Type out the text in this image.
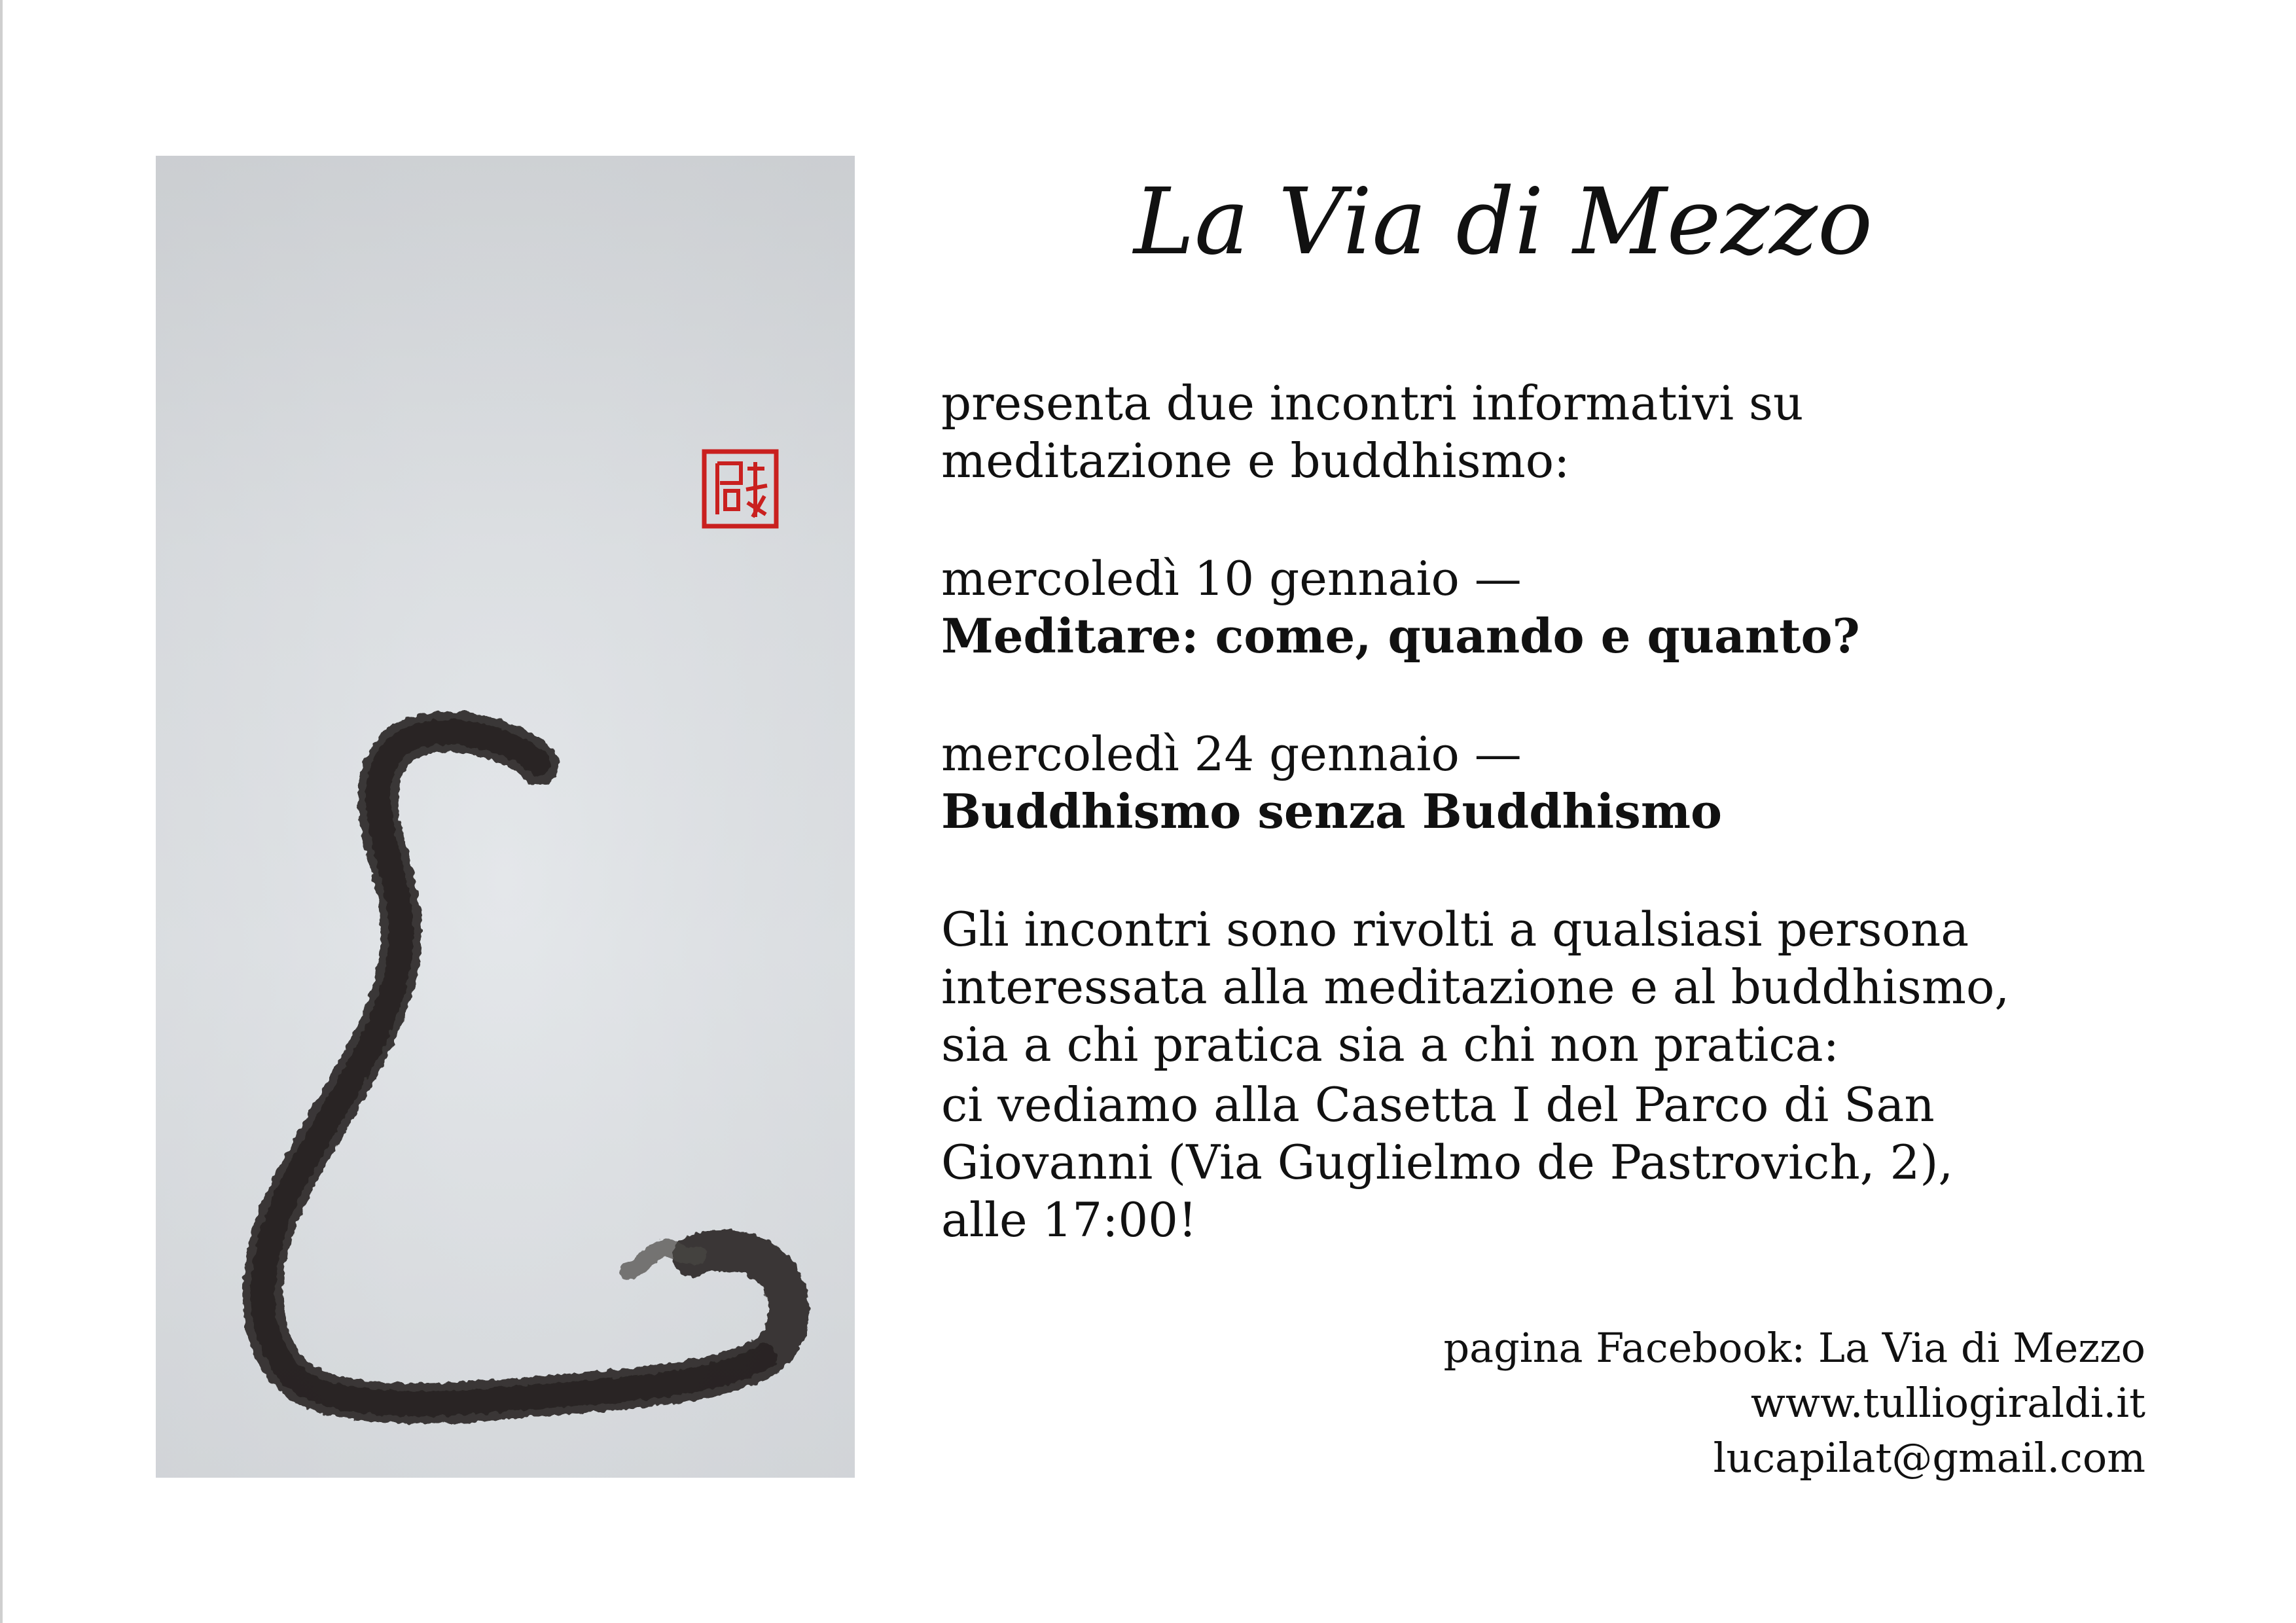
La Via di Mezzo

presenta due incontri informativi su
meditazione e buddhismo:

mercoledì 10 gennaio —
Meditare: come, quando e quanto?

mercoledì 24 gennaio —
Buddhismo senza Buddhismo

Gli incontri sono rivolti a qualsiasi persona
interessata alla meditazione e al buddhismo,
sia a chi pratica sia a chi non pratica:

ci vediamo alla Casetta I del Parco di San
Giovanni (Via Guglielmo de Pastrovich, 2),
alle 17:00!

pagina Facebook: La Via di Mezzo
www.tulliogiraldi.it
lucapilat@gmail.com
